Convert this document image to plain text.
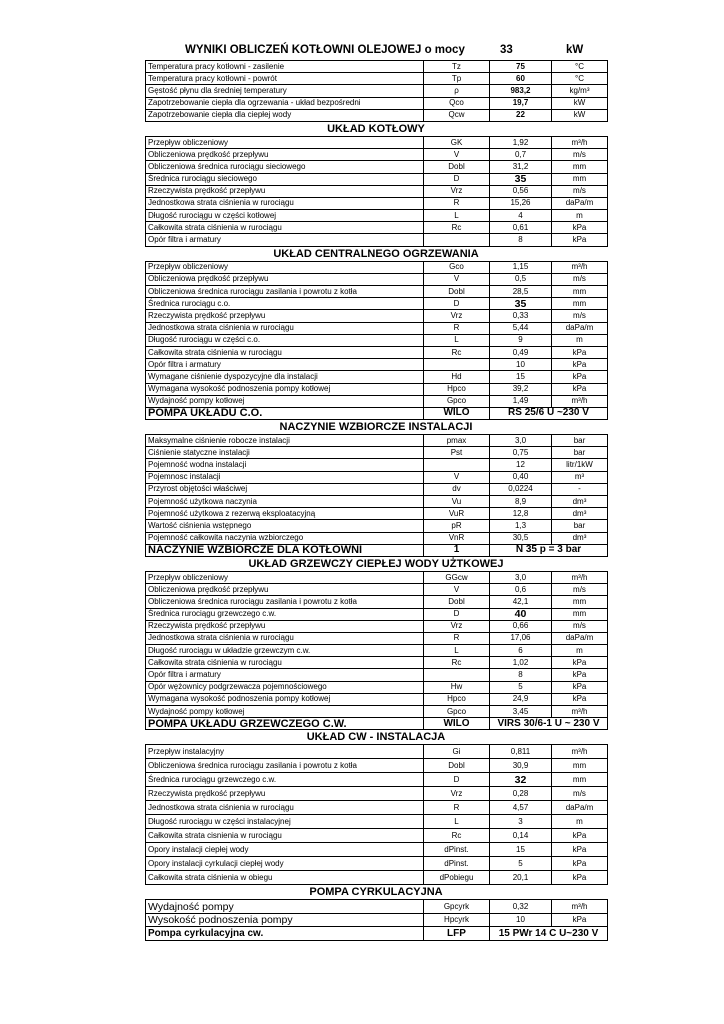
WYNIKI OBLICZEŃ KOTŁOWNI OLEJOWEJ o mocy	33	kW
Temperatura pracy kotłowni - zasilenie	Tz	75	°C
Temperatura pracy kotłowni - powrót	Tp	60	°C
Gęstość płynu dla średniej temperatury	ρ	983,2	kg/m³
Zapotrzebowanie ciepła dla ogrzewania - układ bezpośredni	Qco	19,7	kW
Zapotrzebowanie ciepła dla ciepłej wody	Qcw	22	kW
UKŁAD KOTŁOWY
Przepływ obliczeniowy	GK	1,92	m³/h
Obliczeniowa prędkość przepływu	V	0,7	m/s
Obliczeniowa średnica rurociągu sieciowego	Dobl	31,2	mm
Średnica rurociągu sieciowego	D	35	mm
Rzeczywista prędkość przepływu	Vrz	0,56	m/s
Jednostkowa strata ciśnienia w rurociągu	R	15,26	daPa/m
Długość rurociągu w części kotłowej	L	4	m
Całkowita strata ciśnienia w rurociągu	Rc	0,61	kPa
Opór filtra i armatury		8	kPa
UKŁAD CENTRALNEGO OGRZEWANIA
Przepływ obliczeniowy	Gco	1,15	m³/h
Obliczeniowa prędkość przepływu	V	0,5	m/s
Obliczeniowa średnica rurociągu zasilania i powrotu z kotła	Dobl	28,5	mm
Średnica rurociągu c.o.	D	35	mm
Rzeczywista prędkość przepływu	Vrz	0,33	m/s
Jednostkowa strata ciśnienia w rurociągu	R	5,44	daPa/m
Długość rurociągu w części c.o.	L	9	m
Całkowita strata ciśnienia w rurociągu	Rc	0,49	kPa
Opór filtra i armatury		10	kPa
Wymagane ciśnienie dyspozycyjne dla instalacji	Hd	15	kPa
Wymagana wysokość podnoszenia pompy kotłowej	Hpco	39,2	kPa
Wydajność pompy kotłowej	Gpco	1,49	m³/h
POMPA UKŁADU C.O.	WILO	RS 25/6 U ~230 V	
NACZYNIE WZBIORCZE INSTALACJI
Maksymalne ciśnienie robocze instalacji	pmax	3,0	bar
Ciśnienie statyczne instalacji	Pst	0,75	bar
Pojemność wodna instalacji		12	litr/1kW
Pojemnosc instalacji	V	0,40	m³
Przyrost objętości właściwej	dv	0,0224	-
Pojemność użytkowa naczynia	Vu	8,9	dm³
Pojemność użytkowa z rezerwą eksploatacyjną	VuR	12,8	dm³
Wartość ciśnienia wstępnego	pR	1,3	bar
Pojemność całkowita naczynia wzbiorczego	VnR	30,5	dm³
NACZYNIE WZBIORCZE DLA KOTŁOWNI	1	N 35 p = 3 bar	
UKŁAD GRZEWCZY CIEPŁEJ WODY UŻTKOWEJ
Przepływ obliczeniowy	GGcw	3,0	m³/h
Obliczeniowa prędkość przepływu	V	0,6	m/s
Obliczeniowa średnica rurociągu zasilania i powrotu z kotła	Dobl	42,1	mm
Średnica rurociągu grzewczego c.w.	D	40	mm
Rzeczywista prędkość przepływu	Vrz	0,66	m/s
Jednostkowa strata ciśnienia w rurociągu	R	17,06	daPa/m
Długość rurociągu w układzie grzewczym c.w.	L	6	m
Całkowita strata ciśnienia w rurociągu	Rc	1,02	kPa
Opór filtra i armatury		8	kPa
Opór wężownicy podgrzewacza pojemnościowego	Hw	5	kPa
Wymagana wysokość podnoszenia pompy kotłowej	Hpco	24,9	kPa
Wydajność pompy kotłowej	Gpco	3,45	m³/h
POMPA UKŁADU GRZEWCZEGO C.W.	WILO	VIRS 30/6-1 U ~ 230 V	
UKŁAD CW - INSTALACJA
Przepływ instalacyjny	Gi	0,811	m³/h
Obliczeniowa średnica rurociągu zasilania i powrotu z kotła	Dobl	30,9	mm
Średnica rurociągu grzewczego c.w.	D	32	mm
Rzeczywista prędkość przepływu	Vrz	0,28	m/s
Jednostkowa strata ciśnienia w rurociągu	R	4,57	daPa/m
Długość rurociągu w części instalacyjnej	L	3	m
Całkowita strata cisnienia w rurociągu	Rc	0,14	kPa
Opory instalacji ciepłej wody	dPinst.	15	kPa
Opory instalacji cyrkulacji ciepłej wody	dPinst.	5	kPa
Całkowita strata ciśnienia w obiegu	dPobiegu	20,1	kPa
POMPA CYRKULACYJNA
Wydajność pompy	Gpcyrk	0,32	m³/h
Wysokość podnoszenia pompy	Hpcyrk	10	kPa
Pompa cyrkulacyjna cw.	LFP	15 PWr 14 C U~230 V	
